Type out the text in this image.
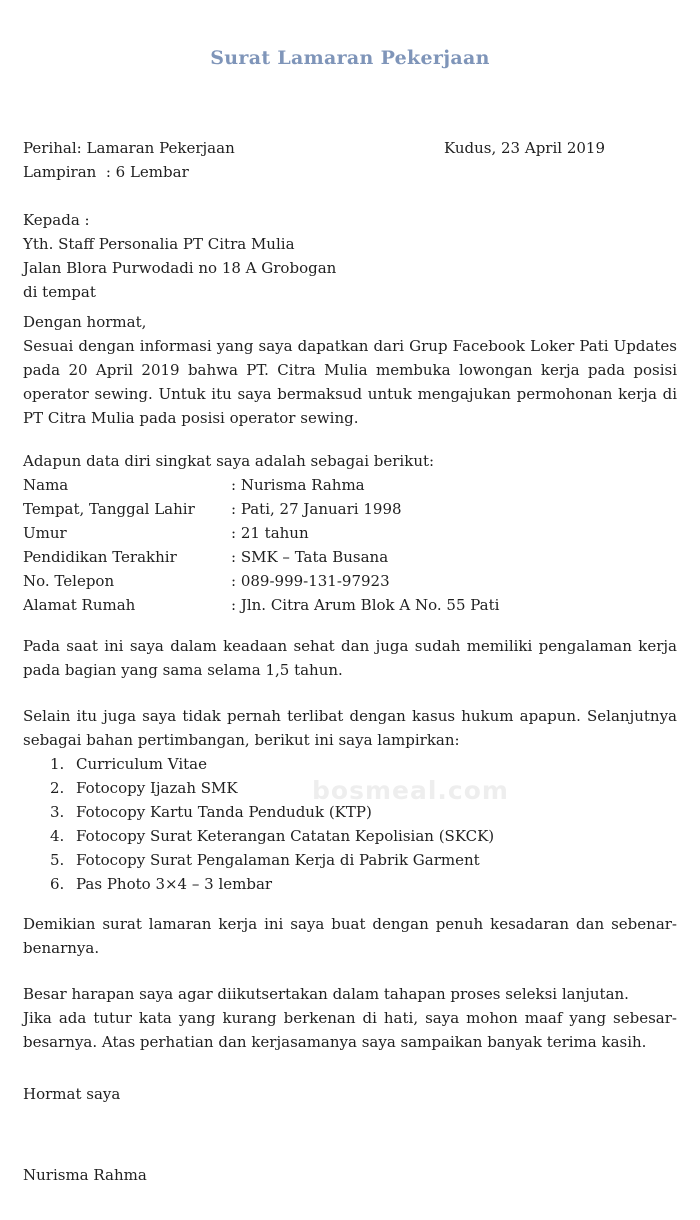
Surat Lamaran Pekerjaan
Perihal: Lamaran Pekerjaan	Kudus, 23 April 2019
Lampiran  : 6 Lembar
Kepada :
Yth. Staff Personalia PT Citra Mulia
Jalan Blora Purwodadi no 18 A Grobogan
di tempat
Dengan hormat,
Sesuai dengan informasi yang saya dapatkan dari Grup Facebook Loker Pati Updates pada 20 April 2019 bahwa PT. Citra Mulia membuka lowongan kerja pada posisi operator sewing. Untuk itu saya bermaksud untuk mengajukan permohonan kerja di PT Citra Mulia pada posisi operator sewing.
Adapun data diri singkat saya adalah sebagai berikut:
Nama	: Nurisma Rahma
Tempat, Tanggal Lahir	: Pati, 27 Januari 1998
Umur	: 21 tahun
Pendidikan Terakhir	: SMK – Tata Busana
No. Telepon	: 089-999-131-97923
Alamat Rumah	: Jln. Citra Arum Blok A No. 55 Pati
Pada saat ini saya dalam keadaan sehat dan juga sudah memiliki pengalaman kerja pada bagian yang sama selama 1,5 tahun.
Selain itu juga saya tidak pernah terlibat dengan kasus hukum apapun. Selanjutnya sebagai bahan pertimbangan, berikut ini saya lampirkan:
1. Curriculum Vitae
2. Fotocopy Ijazah SMK
3. Fotocopy Kartu Tanda Penduduk (KTP)
4. Fotocopy Surat Keterangan Catatan Kepolisian (SKCK)
5. Fotocopy Surat Pengalaman Kerja di Pabrik Garment
6. Pas Photo 3×4 – 3 lembar
Demikian surat lamaran kerja ini saya buat dengan penuh kesadaran dan sebenar-benarnya.
Besar harapan saya agar diikutsertakan dalam tahapan proses seleksi lanjutan.
Jika ada tutur kata yang kurang berkenan di hati, saya mohon maaf yang sebesar-besarnya. Atas perhatian dan kerjasamanya saya sampaikan banyak terima kasih.
Hormat saya
Nurisma Rahma
bosmeal.com
